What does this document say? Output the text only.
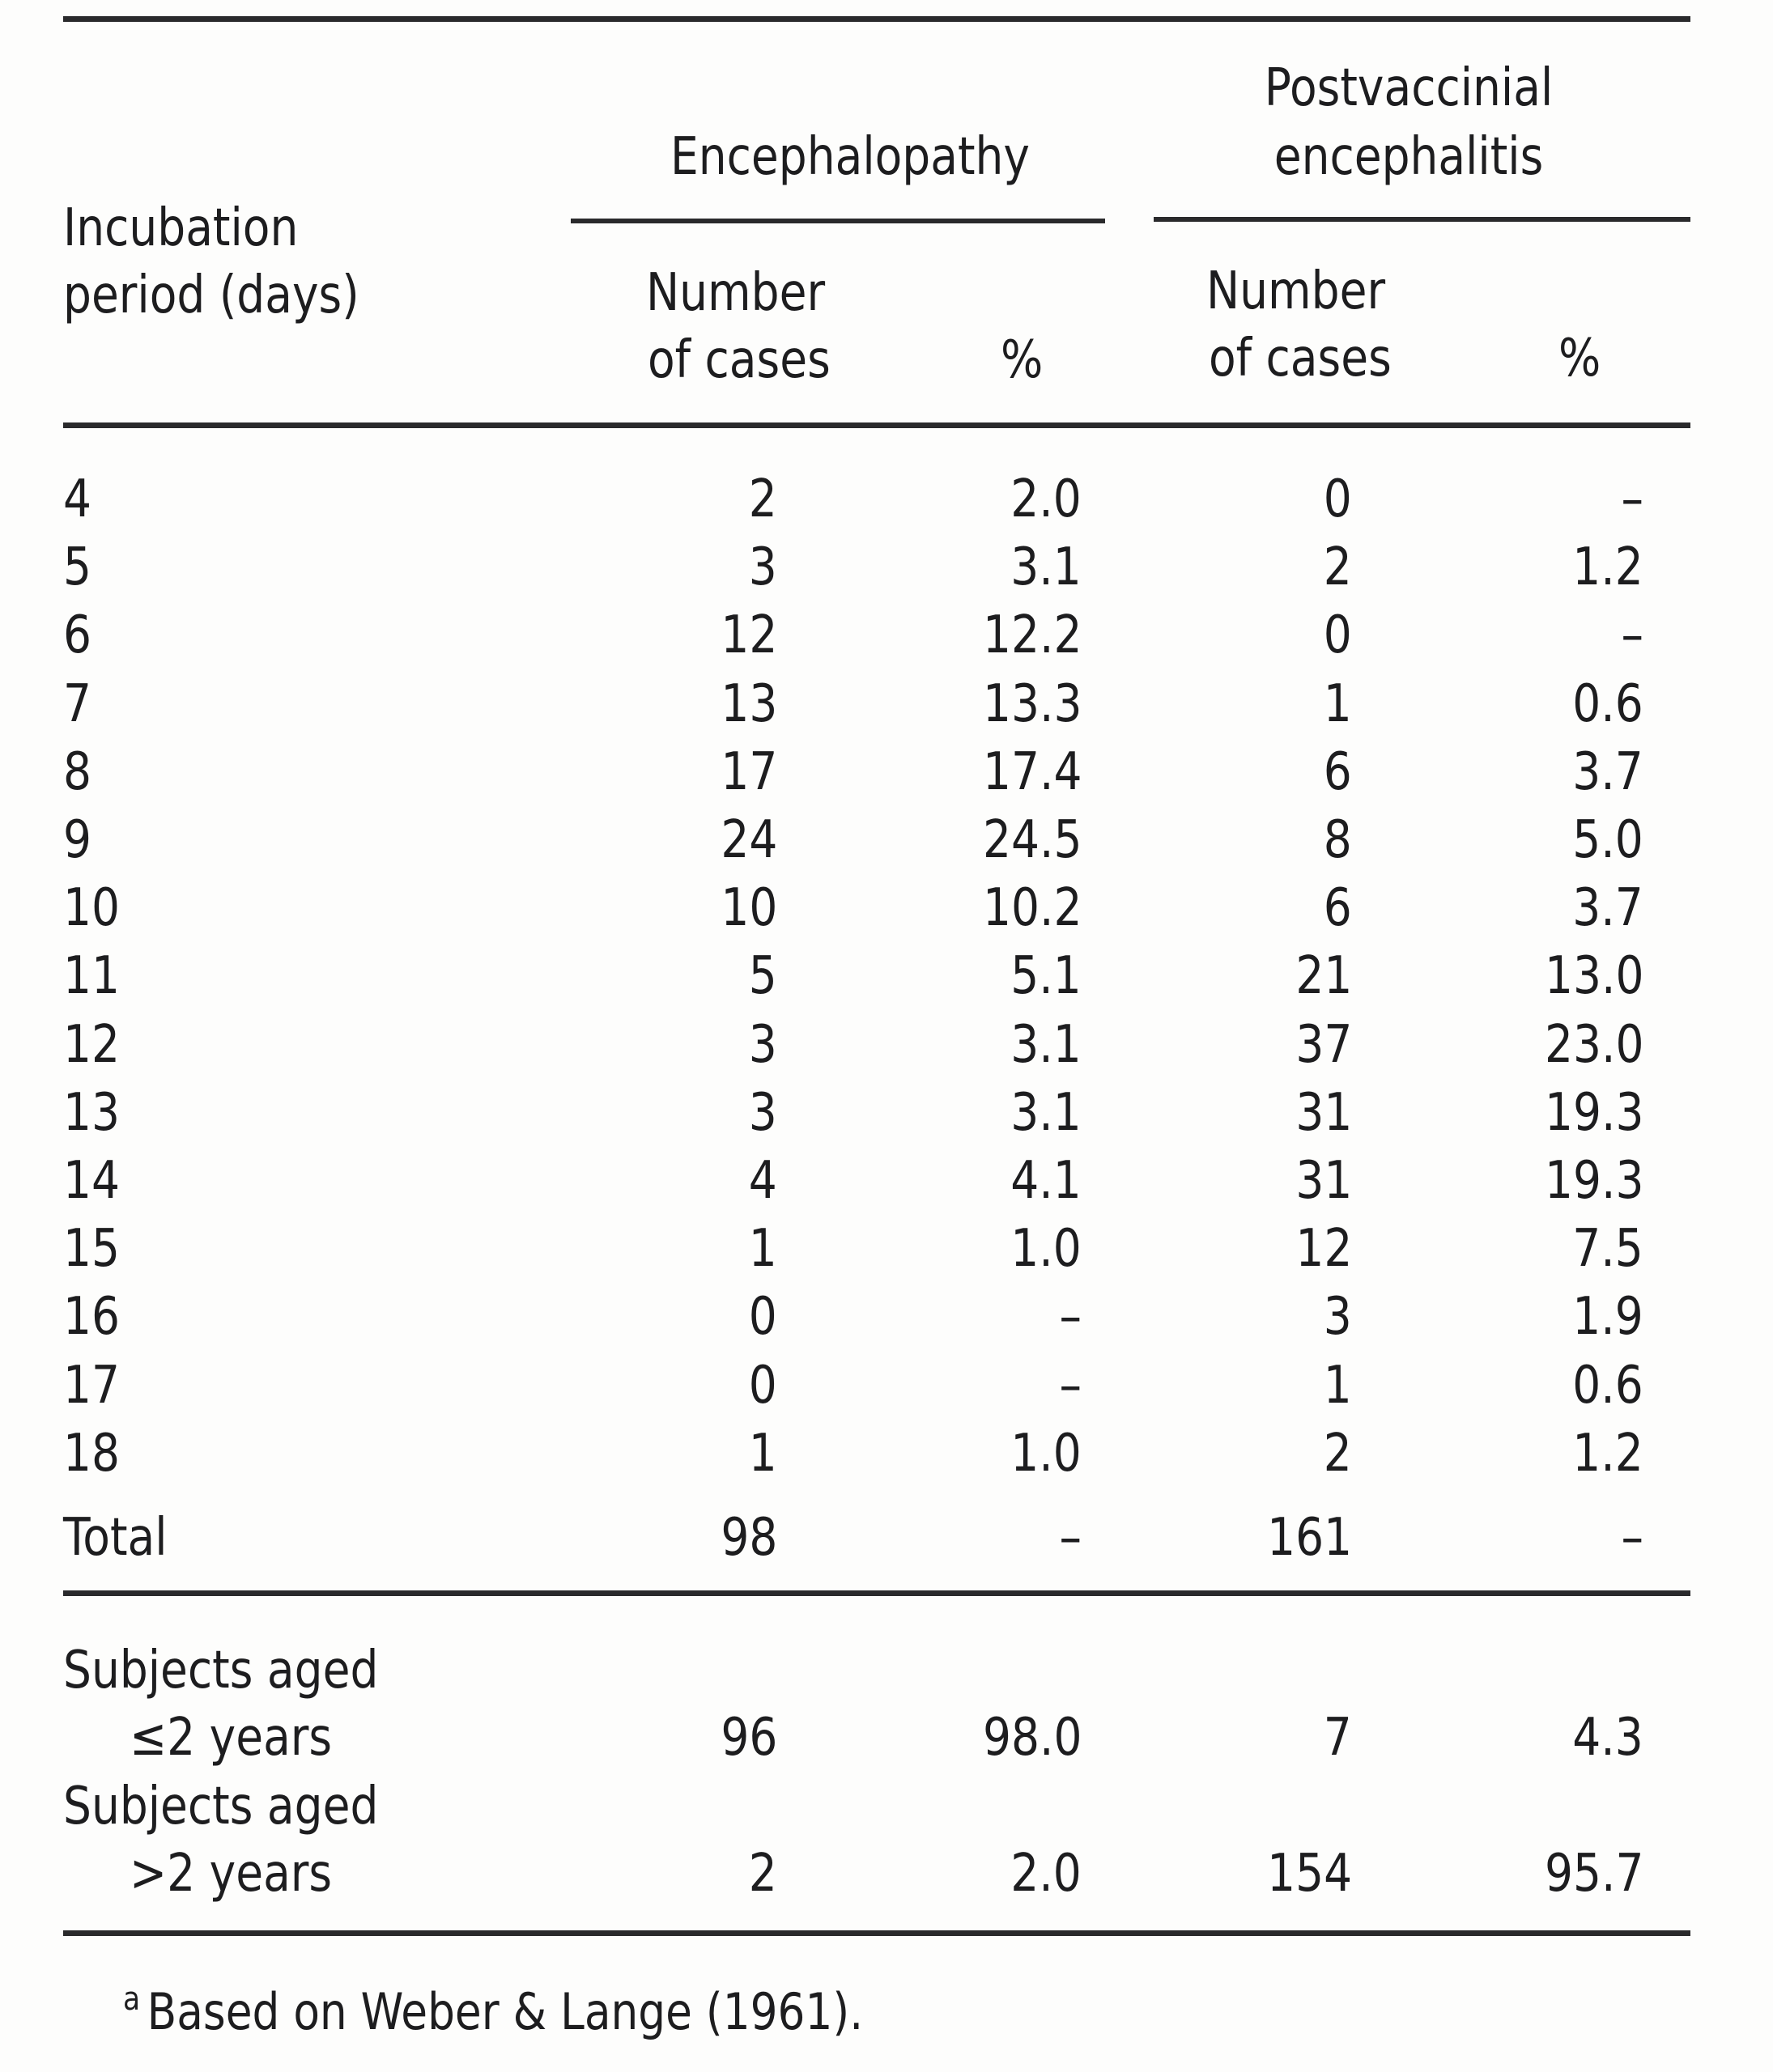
Incubation
period (days)
Encephalopathy
Postvaccinial
encephalitis
Number
of cases	%
Number
of cases	%
4	2	2.0	0	–
5	3	3.1	2	1.2
6	12	12.2	0	–
7	13	13.3	1	0.6
8	17	17.4	6	3.7
9	24	24.5	8	5.0
10	10	10.2	6	3.7
11	5	5.1	21	13.0
12	3	3.1	37	23.0
13	3	3.1	31	19.3
14	4	4.1	31	19.3
15	1	1.0	12	7.5
16	0	–	3	1.9
17	0	–	1	0.6
18	1	1.0	2	1.2
Total	98	–	161	–
Subjects aged
≤2 years	96	98.0	7	4.3
Subjects aged
>2 years	2	2.0	154	95.7
$^a$ Based on Weber & Lange (1961).
